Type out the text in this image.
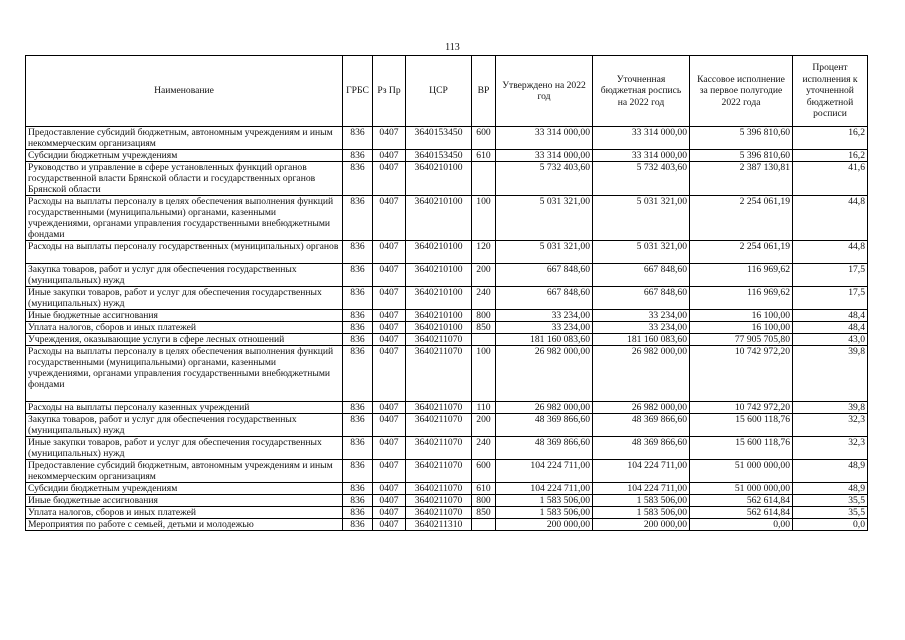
113
Наименование	ГРБС	Рз Пр	ЦСР	ВР	Утверждено на 2022 год	Уточненная бюджетная роспись на 2022 год	Кассовое исполнение за первое полугодие 2022 года	Процент исполнения к уточненной бюджетной росписи
Предоставление субсидий бюджетным, автономным учреждениям и иным некоммерческим организациям	836	0407	3640153450	600	33 314 000,00	33 314 000,00	5 396 810,60	16,2
Субсидии бюджетным учреждениям	836	0407	3640153450	610	33 314 000,00	33 314 000,00	5 396 810,60	16,2
Руководство и управление в сфере установленных функций органов государственной власти Брянской области и государственных органов Брянской области	836	0407	3640210100		5 732 403,60	5 732 403,60	2 387 130,81	41,6
Расходы на выплаты персоналу в целях обеспечения выполнения функций государственными (муниципальными) органами, казенными учреждениями, органами управления государственными внебюджетными фондами	836	0407	3640210100	100	5 031 321,00	5 031 321,00	2 254 061,19	44,8
Расходы на выплаты персоналу государственных (муниципальных) органов	836	0407	3640210100	120	5 031 321,00	5 031 321,00	2 254 061,19	44,8
Закупка товаров, работ и услуг для обеспечения государственных (муниципальных) нужд	836	0407	3640210100	200	667 848,60	667 848,60	116 969,62	17,5
Иные закупки товаров, работ и услуг для обеспечения государственных (муниципальных) нужд	836	0407	3640210100	240	667 848,60	667 848,60	116 969,62	17,5
Иные бюджетные ассигнования	836	0407	3640210100	800	33 234,00	33 234,00	16 100,00	48,4
Уплата налогов, сборов и иных платежей	836	0407	3640210100	850	33 234,00	33 234,00	16 100,00	48,4
Учреждения, оказывающие услуги в сфере лесных отношений	836	0407	3640211070		181 160 083,60	181 160 083,60	77 905 705,80	43,0
Расходы на выплаты персоналу в целях обеспечения выполнения функций государственными (муниципальными) органами, казенными учреждениями, органами управления государственными внебюджетными фондами	836	0407	3640211070	100	26 982 000,00	26 982 000,00	10 742 972,20	39,8
Расходы на выплаты персоналу казенных учреждений	836	0407	3640211070	110	26 982 000,00	26 982 000,00	10 742 972,20	39,8
Закупка товаров, работ и услуг для обеспечения государственных (муниципальных) нужд	836	0407	3640211070	200	48 369 866,60	48 369 866,60	15 600 118,76	32,3
Иные закупки товаров, работ и услуг для обеспечения государственных (муниципальных) нужд	836	0407	3640211070	240	48 369 866,60	48 369 866,60	15 600 118,76	32,3
Предоставление субсидий бюджетным, автономным учреждениям и иным некоммерческим организациям	836	0407	3640211070	600	104 224 711,00	104 224 711,00	51 000 000,00	48,9
Субсидии бюджетным учреждениям	836	0407	3640211070	610	104 224 711,00	104 224 711,00	51 000 000,00	48,9
Иные бюджетные ассигнования	836	0407	3640211070	800	1 583 506,00	1 583 506,00	562 614,84	35,5
Уплата налогов, сборов и иных платежей	836	0407	3640211070	850	1 583 506,00	1 583 506,00	562 614,84	35,5
Мероприятия по работе с семьей, детьми и молодежью	836	0407	3640211310		200 000,00	200 000,00	0,00	0,0
